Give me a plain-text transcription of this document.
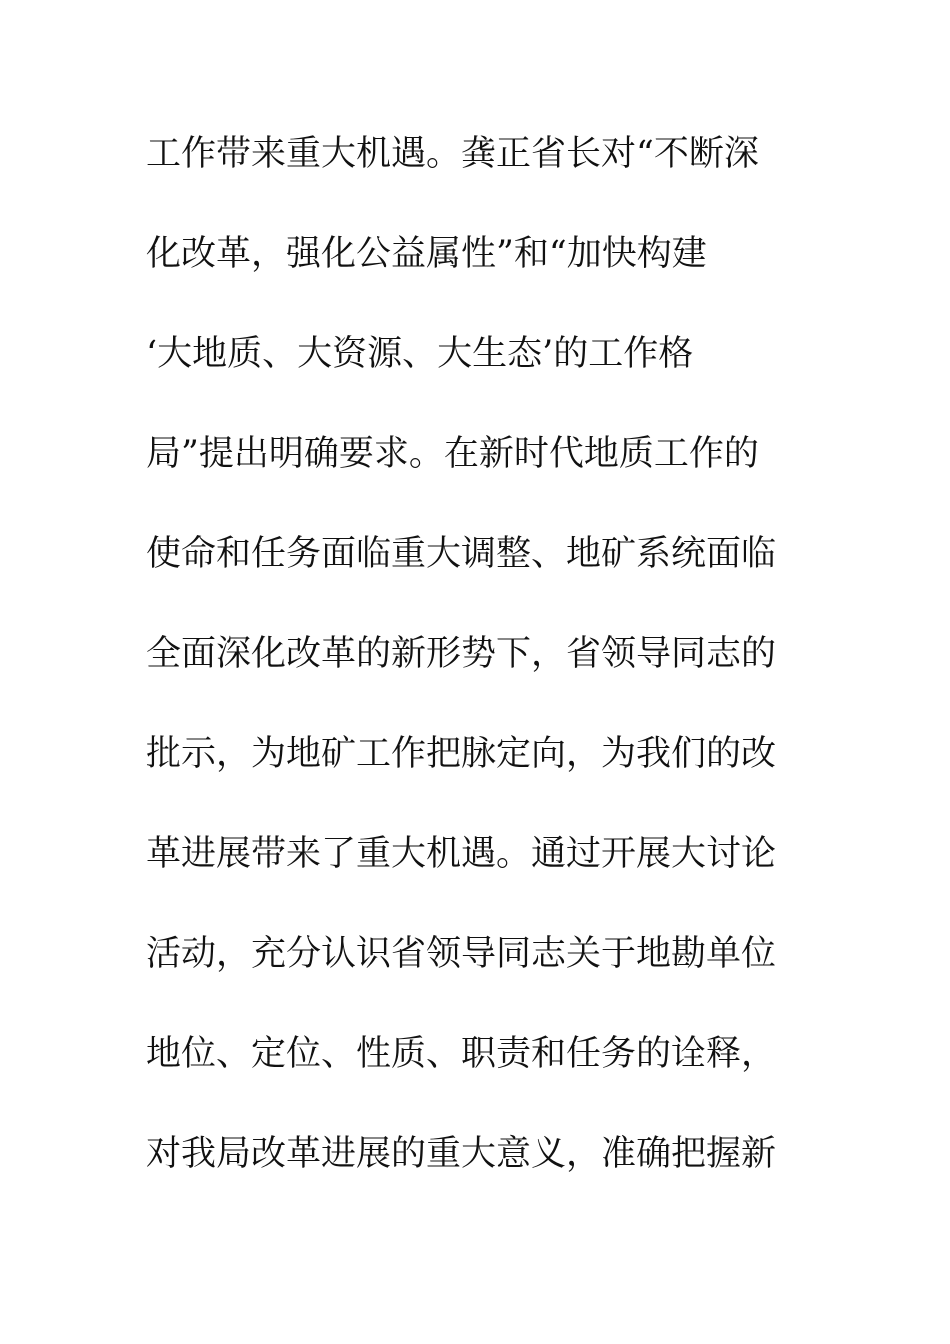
工作带来重大机遇。龚正省长对“不断深
化改革，强化公益属性”和“加快构建
‘大地质、大资源、大生态’的工作格
局”提出明确要求。在新时代地质工作的
使命和任务面临重大调整、地矿系统面临
全面深化改革的新形势下，省领导同志的
批示，为地矿工作把脉定向，为我们的改
革进展带来了重大机遇。通过开展大讨论
活动，充分认识省领导同志关于地勘单位
地位、定位、性质、职责和任务的诠释，
对我局改革进展的重大意义，准确把握新
